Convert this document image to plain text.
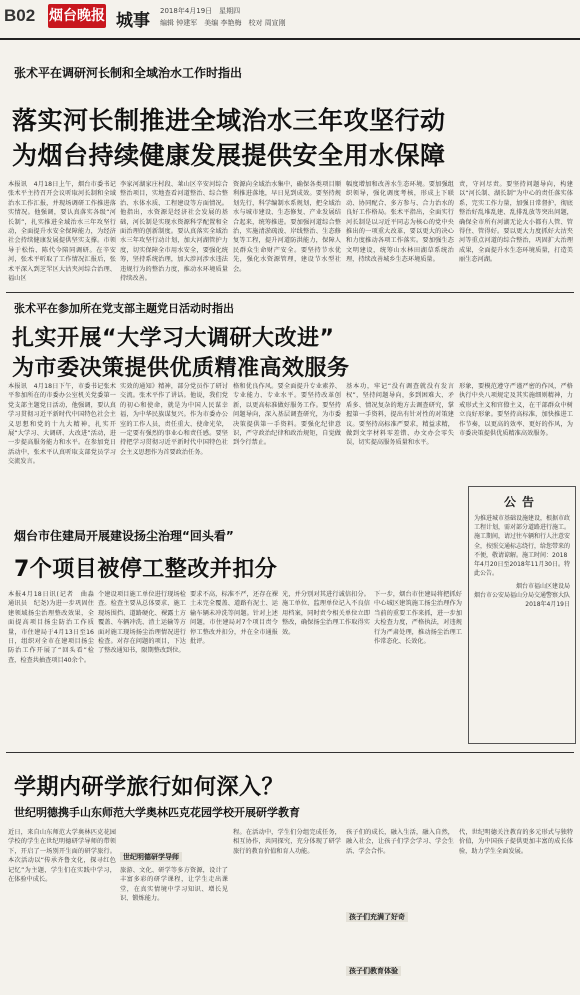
B02 烟台晚报 城事 2018年4月19日　星期四
编辑 钟建军　美编 李艳梅　校对 周宣刚
张术平在调研河长制和全域治水工作时指出
落实河长制推进全域治水三年攻坚行动
为烟台持续健康发展提供安全用水保障
本报讯　4月18日上午，烟台市委书记张术平主持召开会议听取河长制和全域治水工作汇报，并现场调研工作推进落实情况。他强调，要认真落实各级“河长制”，扎实推进全域治水三年攻坚行动，全面提升水安全保障能力，为经济社会持续健康发展提供坚实支撑。市领导于松怡、陈代今陪同调研。在辛安河，张术平听取了工作情况汇报后，张术平深入到芝罘区大沽夹河综合治理、福山区
李家河湖家庄村段、莱山区辛安河综合整治项目，实地查看河道整治、综合整治、水体水质、工程建设等方面情况。他指出，水资源是经济社会发展的基础，河长制是实现水资源科学配置和全面治理的创新制度。要认真落实全域治水三年攻坚行动计划，加大河湖管护力度，切实保障全市用水安全，要强化统筹，坚持系统治理，加大涉河涉水违法违规行为的整治力度，推动水环境质量持续改善。
资源向全域治水集中，确保各类项目顺利推进落地，早日见到成效。要坚持规划先行，科学编制水系规划，把全域治水与城市建设、生态修复、产业发展结合起来，统筹推进。要加强河道综合整治，实施清淤疏浚、岸线整治、生态修复等工程，提升河道防洪能力，保障人民群众生命财产安全。要坚持节水优先，强化水资源管理，建设节水型社会。
幅度增加和改善水生态环境。要加强组织领导，强化调度考核，形成上下联动、协同配合、多方参与、合力治水的良好工作格局。张术平指出，全面实行河长制是以习近平同志为核心的党中央推出的一项重大改革，要以更大的决心和力度推动各项工作落实。要加强生态文明建设，统筹山水林田湖草系统治理，持续改善城乡生态环境质量。
责，守河尽责。要坚持问题导向，构建以“河长制、湖长制”为中心的责任落实体系，完实工作力量，加强日常督护，彻底整治好乱堆乱建、乱排乱放等突出问题，确保全市所有河湖无论大小都有人管、管得住、管得好。要以更大力度抓好大沽夹河等重点河道的综合整治，巩固扩大治理成果，全面提升水生态环境质量，打造美丽生态河湖。
张术平在参加所在党支部主题党日活动时指出
扎实开展“大学习大调研大改进”
为市委决策提供优质精准高效服务
本报讯　4月18日下午，市委书记张术平参加所在的市委办公室机关党委第一党支部主题党日活动，他强调，要认真学习贯彻习近平新时代中国特色社会主义思想和党的十九大精神，扎实开展“大学习、大调研、大改进”活动，进一步提高服务能力和水平。在参加党日活动中，张术平认真听取支部党员学习交流发言。
实效的通知》精神，部分党员作了研讨交流。张术平作了讲话。他说，我们党的初心和使命，就是为中国人民谋幸福，为中华民族谋复兴。作为市委办公室的工作人员，责任重大、使命光荣，一定要有强烈的事业心和责任感。要坚持把学习贯彻习近平新时代中国特色社会主义思想作为首要政治任务。
格和优良作风。要全面提升专业素养、专业能力、专业水平。要坚持改革创新，以更高标准做好服务工作。要坚持问题导向，深入基层调查研究，为市委决策提供第一手资料。要强化纪律意识，严守政治纪律和政治规矩，自觉做到令行禁止。
基本功，牢记“没有调查就没有发言权”，坚持问题导向，多到困难大、矛盾多、情况复杂的地方去调查研究，掌握第一手资料，提出有针对性的对策建议。要坚持高标准严要求，精益求精，做到文字材料零差错、办文办会零失误，切实提高服务质量和水平。
形象，要模范遵守严谨严密的作风，严格执行中央八项规定及其实施细则精神，力戒形式主义和官僚主义，在干部群众中树立良好形象。要坚持高标准，加快推进工作节奏，以更高的效率、更好的作风，为市委决策提供优质精准高效服务。
公告
为推进城市基础设施建设，根据市政工程计划，需对部分道路进行施工。施工期间，请过往车辆和行人注意安全，按照交通标志绕行，给您带来的不便，敬请谅解。施工时间：2018年4月20日至2018年11月30日。特此公告。
烟台市福山区建设局
烟台市公安局福山分局交通警察大队
2018年4月19日
烟台市住建局开展建设扬尘治理“回头看”
7个项目被停工整改并扣分
本报4月18日讯(记者　曲淼　通讯员　纪尧)为进一步巩固住建领域扬尘治理整改效果，全面提高项目扬尘防治工作质量，市住建局于4月13日至16日，组织对全市在建项目扬尘防治工作开展了“回头看”检查，检查共抽查项目40余个。
个建设项目施工单位进行现场检查。检查主要从总体要求、施工现场围挡、道路硬化、裸露土方覆盖、车辆冲洗、渣土运输等方面对施工现场扬尘治理情况进行检查。对存在问题的项目，下达了整改通知书，限期整改到位。
要求不高，标准不严，还存在裸土未完全覆盖、道路有泥土、运输车辆未冲洗等问题。针对上述问题，市住建局对7个项目责令停工整改并扣分，并在全市通报批评。
光，并分别对其进行诚信扣分。施工单位、监理单位记入不良信用档案，同时责令相关单位立即整改，确保扬尘治理工作取得实效。
下一步，烟台市住建局将把抓好中心城区建筑施工扬尘治理作为当前的重要工作来抓，进一步加大检查力度，严格执法，对违规行为严肃处理，推动扬尘治理工作常态化、长效化。
学期内研学旅行如何深入？
世纪明德携手山东师范大学奥林匹克花园学校开展研学教育
近日，来自山东师范大学奥林匹克花园学校的学生在世纪明德研学导师的带领下，开启了一场别开生面的研学旅行。本次活动以“传承齐鲁文化，探寻红色记忆”为主题，学生们在实践中学习，在体验中成长。
世纪明德研学导师
旅游、文化、研学等多方资源，设计了丰富多彩的研学课程，让学生走出课堂，在真实情境中学习知识、增长见识、锻炼能力。
程。在活动中，学生们分组完成任务，相互协作，共同探究，充分体现了研学旅行的教育价值和育人功能。
孩子们充满了好奇
孩子们的成长，融入生活，融入自然，融入社会，让孩子们学会学习、学会生活、学会合作。
孩子们教育体验
代，世纪明德关注教育的多元形式与独特价值，为中国孩子提供更加丰富的成长体验，助力学生全面发展。
